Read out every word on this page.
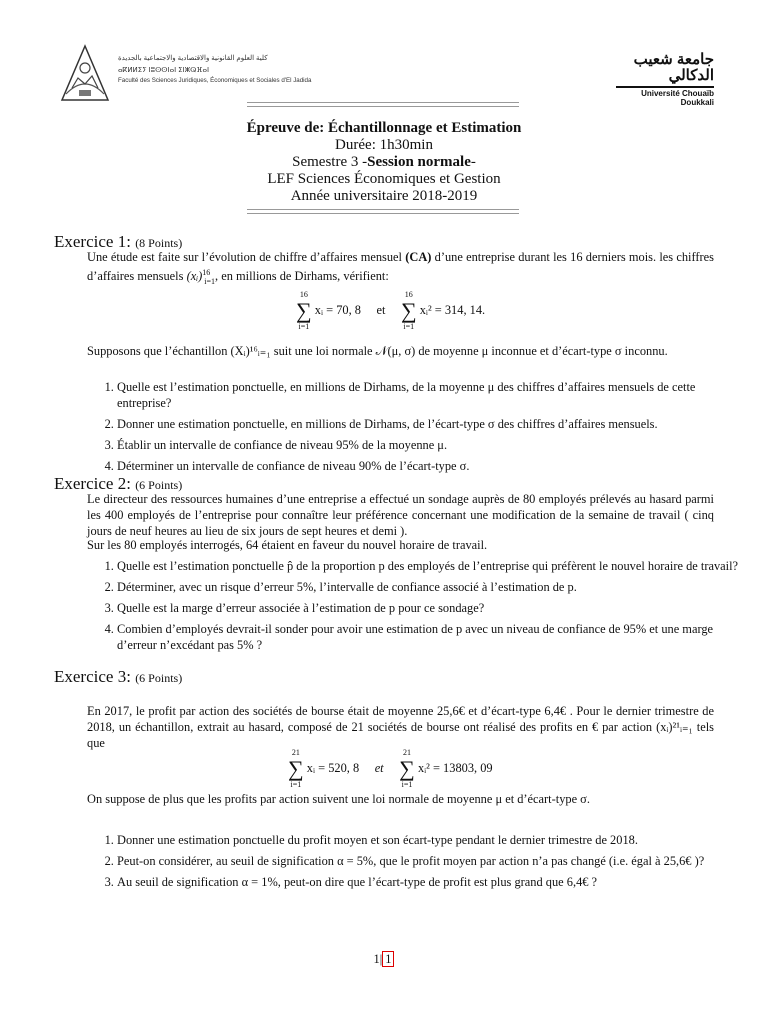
كلية العلوم القانونية والاقتصادية والاجتماعية بالجديدة
ⴰⴽⵍⵍⵉⵢ ⵏⵓⵙⵙⵏⴰⵏ ⵉⵏⵥⵕⴼⴰⵏ
Faculté des Sciences Juridiques, Économiques et Sociales d'El Jadida
جامعة شعيب الدكالي
Université Chouaïb Doukkali
Épreuve de: Échantillonnage et Estimation
Durée: 1h30min
Semestre 3 -Session normale-
LEF Sciences Économiques et Gestion
Année universitaire 2018-2019
Exercice 1: (8 Points)
Une étude est faite sur l’évolution de chiffre d’affaires mensuel (CA) d’une entreprise durant les 16 derniers mois. les chiffres d’affaires mensuels (xᵢ)$^{16}_{i=1}$, en millions de Dirhams, vérifient:
16
∑
i=1
xᵢ = 70, 8 et
16
∑
i=1
xᵢ² = 314, 14.
Supposons que l’échantillon (Xᵢ)¹⁶ᵢ₌₁ suit une loi normale 𝒩(μ, σ) de moyenne μ inconnue et d’écart-type σ inconnu.
1. Quelle est l’estimation ponctuelle, en millions de Dirhams, de la moyenne μ des chiffres d’affaires mensuels de cette entreprise?
2. Donner une estimation ponctuelle, en millions de Dirhams, de l’écart-type σ des chiffres d’affaires mensuels.
3. Établir un intervalle de confiance de niveau 95% de la moyenne μ.
4. Déterminer un intervalle de confiance de niveau 90% de l’écart-type σ.
Exercice 2: (6 Points)
Le directeur des ressources humaines d’une entreprise a effectué un sondage auprès de 80 employés prélevés au hasard parmi les 400 employés de l’entreprise pour connaître leur préférence concernant une modification de la semaine de travail ( cinq jours de neuf heures au lieu de six jours de sept heures et demi ).
Sur les 80 employés interrogés, 64 étaient en faveur du nouvel horaire de travail.
1. Quelle est l’estimation ponctuelle p̂ de la proportion p des employés de l’entreprise qui préfèrent le nouvel horaire de travail?
2. Déterminer, avec un risque d’erreur 5%, l’intervalle de confiance associé à l’estimation de p.
3. Quelle est la marge d’erreur associée à l’estimation de p pour ce sondage?
4. Combien d’employés devrait-il sonder pour avoir une estimation de p avec un niveau de confiance de 95% et une marge d’erreur n’excédant pas 5% ?
Exercice 3: (6 Points)
En 2017, le profit par action des sociétés de bourse était de moyenne 25,6€ et d’écart-type 6,4€ . Pour le dernier trimestre de 2018, un échantillon, extrait au hasard, composé de 21 sociétés de bourse ont réalisé des profits en € par action (xᵢ)²¹ᵢ₌₁ tels que
21
∑
i=1
xᵢ = 520, 8 et
21
∑
i=1
xᵢ² = 13803, 09
On suppose de plus que les profits par action suivent une loi normale de moyenne μ et d’écart-type σ.
1. Donner une estimation ponctuelle du profit moyen et son écart-type pendant le dernier trimestre de 2018.
2. Peut-on considérer, au seuil de signification α = 5%, que le profit moyen par action n’a pas changé (i.e. égal à 25,6€ )?
3. Au seuil de signification α = 1%, peut-on dire que l’écart-type de profit est plus grand que 6,4€ ?
1| 1
